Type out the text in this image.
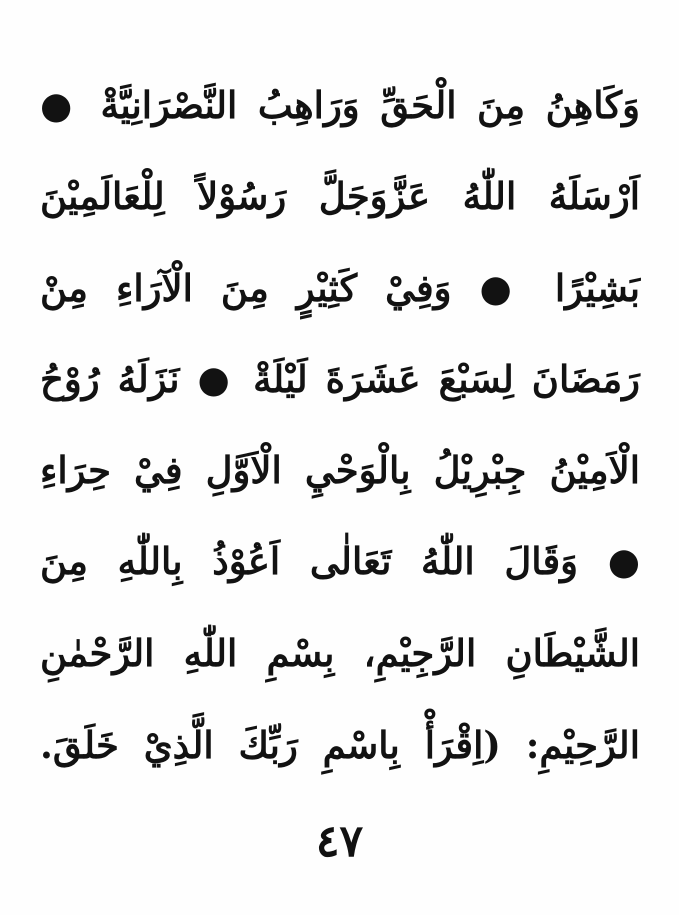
وَكَاهِنُ مِنَ الْحَقِّ وَرَاهِبُ النَّصْرَانِيَّةْ ●
اَرْسَلَهُ اللّٰهُ عَزَّوَجَلَّ رَسُوْلاً لِلْعَالَمِيْنَ
بَشِيْرًا ● وَفِيْ كَثِيْرٍ مِنَ الْآرَاءِ مِنْ
رَمَضَانَ لِسَبْعَ عَشَرَةَ لَيْلَةْ ● نَزَلَهُ رُوْحُ
الْاَمِيْنُ جِبْرِيْلُ بِالْوَحْيِ الْاَوَّلِ فِيْ حِرَاءِ
● وَقَالَ اللّٰهُ تَعَالٰى اَعُوْذُ بِاللّٰهِ مِنَ
الشَّيْطَانِ الرَّجِيْمِ، بِسْمِ اللّٰهِ الرَّحْمٰنِ
الرَّحِيْمِ: (اِقْرَأْ بِاسْمِ رَبِّكَ الَّذِيْ خَلَقَ.
٤٧
